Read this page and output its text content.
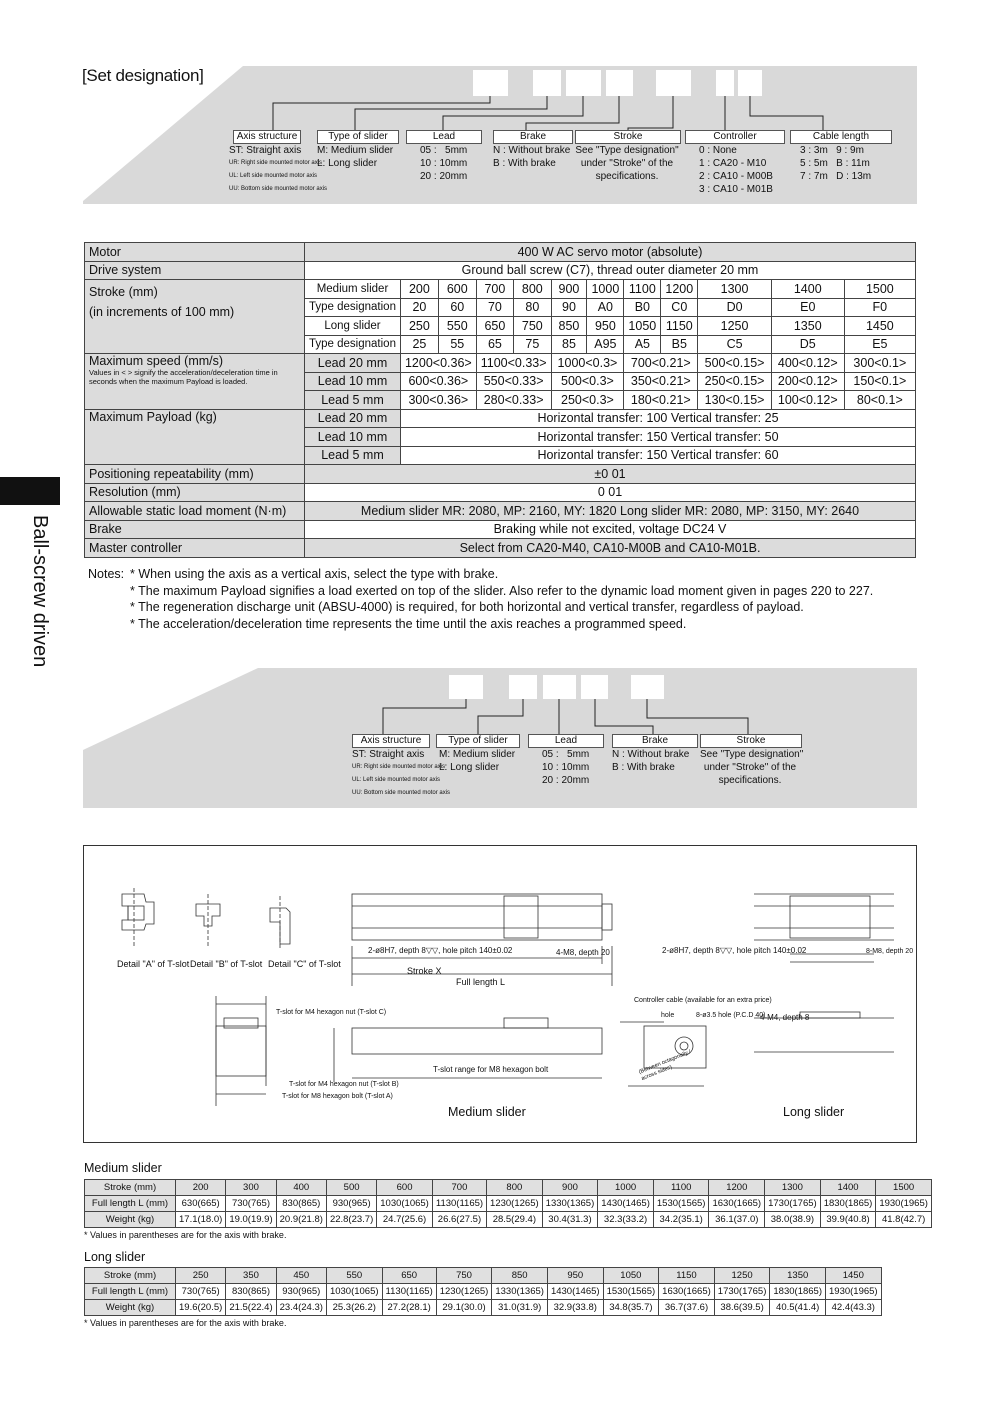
[Set designation]
Ball-screw driven
Axis structure
ST: Straight axis
UR: Right side mounted motor axis
UL: Left side mounted motor axis
UU: Bottom side mounted motor axis
Type of slider
M: Medium slider
L: Long slider
Lead
05 :   5mm
10 : 10mm
20 : 20mm
Brake
N : Without brake
B : With brake
Stroke
See "Type designation"
under "Stroke" of the
specifications.
Controller
0 : None
1 : CA20 - M10
2 : CA10 - M00B
3 : CA10 - M01B
Cable length
3 : 3m   9 : 9m
5 : 5m   B : 11m
7 : 7m   D : 13m
Motor	400 W AC servo motor (absolute)											
Drive system	Ground ball screw (C7), thread outer diameter 20 mm											

Stroke (mm)
(in increments of 100 mm)	Medium slider	200	600	700	800	900	1000	1100	1200	1300	1400	1500
	Type designation	20	60	70	80	90	A0	B0	C0	D0	E0	F0
	Long slider	250	550	650	750	850	950	1050	1150	1250	1350	1450
	Type designation	25	55	65	75	85	A95	A5	B5	C5	D5	E5

Maximum speed (mm/s)
Values in < > signify the acceleration/deceleration time in
seconds when the maximum Payload is loaded.	Lead 20 mm	1200<0.36>		1100<0.33>		1000<0.3>		700<0.21>		500<0.15>	400<0.12>	300<0.1>
	Lead 10 mm	600<0.36>		550<0.33>		500<0.3>		350<0.21>		250<0.15>	200<0.12>	150<0.1>
	Lead 5 mm	300<0.36>		280<0.33>		250<0.3>		180<0.21>		130<0.15>	100<0.12>	80<0.1>
Maximum Payload (kg)	Lead 20 mm	Horizontal transfer: 100 Vertical transfer: 25										
	Lead 10 mm	Horizontal transfer: 150 Vertical transfer: 50										
	Lead 5 mm	Horizontal transfer: 150 Vertical transfer: 60										
Positioning repeatability (mm)	±0 01											
Resolution (mm)	0 01											
Allowable static load moment (N·m)	Medium slider MR: 2080, MP: 2160, MY: 1820 Long slider MR: 2080, MP: 3150, MY: 2640											
Brake	Braking while not excited, voltage DC24 V											
Master controller	Select from CA20-M40, CA10-M00B and CA10-M01B.											
Notes: * When using the axis as a vertical axis, select the type with brake.
* The maximum Payload signifies a load exerted on top of the slider. Also refer to the dynamic load moment given in pages 220 to 227.
* The regeneration discharge unit (ABSU-4000) is required, for both horizontal and vertical transfer, regardless of payload.
* The acceleration/deceleration time represents the time until the axis reaches a programmed speed.
Axis structure
ST: Straight axis
UR: Right side mounted motor axis
UL: Left side mounted motor axis
UU: Bottom side mounted motor axis
Type of slider
M: Medium slider
L: Long slider
Lead
05 :   5mm
10 : 10mm
20 : 20mm
Brake
N : Without brake
B : With brake
Stroke
See "Type designation"
under "Stroke" of the
specifications.
Detail "A" of T-slot Detail "B" of T-slot Detail "C" of T-slot
2-ø8H7, depth 8▽▽, hole pitch 140±0.02	4-M8, depth 20
Stroke X
Full length L
2-ø8H7, depth 8▽▽, hole pitch 140±0.02	8-M8, depth 20
T-slot for M4 hexagon nut (T-slot C)
T-slot for M4 hexagon nut (T-slot B)
T-slot for M8 hexagon bolt (T-slot A)
T-slot range for M8 hexagon bolt
Controller cable (available for an extra price)
hole	8-ø3.5 hole (P.C.D 40)
4-M4, depth 8
(Between octagonally / across sides)
Medium slider	Long slider
Medium slider
Stroke (mm)	200	300	400	500	600	700	800	900	1000	1100	1200	1300	1400	1500
Full length L (mm)	630(665)	730(765)	830(865)	930(965)	1030(1065)	1130(1165)	1230(1265)	1330(1365)	1430(1465)	1530(1565)	1630(1665)	1730(1765)	1830(1865)	1930(1965)
Weight (kg)	17.1(18.0)	19.0(19.9)	20.9(21.8)	22.8(23.7)	24.7(25.6)	26.6(27.5)	28.5(29.4)	30.4(31.3)	32.3(33.2)	34.2(35.1)	36.1(37.0)	38.0(38.9)	39.9(40.8)	41.8(42.7)
* Values in parentheses are for the axis with brake.
Long slider
Stroke (mm)	250	350	450	550	650	750	850	950	1050	1150	1250	1350	1450
Full length L (mm)	730(765)	830(865)	930(965)	1030(1065)	1130(1165)	1230(1265)	1330(1365)	1430(1465)	1530(1565)	1630(1665)	1730(1765)	1830(1865)	1930(1965)
Weight (kg)	19.6(20.5)	21.5(22.4)	23.4(24.3)	25.3(26.2)	27.2(28.1)	29.1(30.0)	31.0(31.9)	32.9(33.8)	34.8(35.7)	36.7(37.6)	38.6(39.5)	40.5(41.4)	42.4(43.3)
* Values in parentheses are for the axis with brake.
